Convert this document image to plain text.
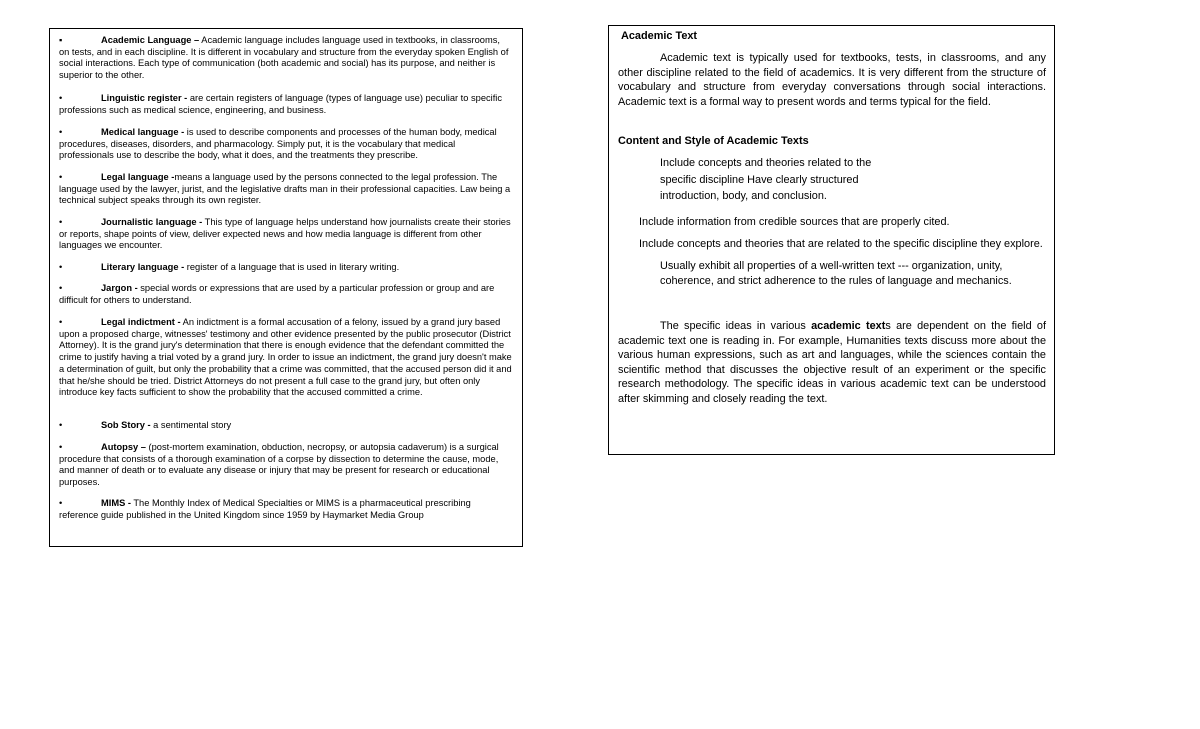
▪	Academic Language – Academic language includes language used in textbooks, in classrooms, on tests, and in each discipline. It is different in vocabulary and structure from the everyday spoken English of social interactions. Each type of communication (both academic and social) has its purpose, and neither is superior to the other.

•	Linguistic register - are certain registers of language (types of language use) peculiar to specific professions such as medical science, engineering, and business.

•	Medical language - is used to describe components and processes of the human body, medical procedures, diseases, disorders, and pharmacology. Simply put, it is the vocabulary that medical professionals use to describe the body, what it does, and the treatments they prescribe.

•	Legal language -means a language used by the persons connected to the legal profession. The language used by the lawyer, jurist, and the legislative drafts man in their professional capacities. Law being a technical subject speaks through its own register.

•	Journalistic language - This type of language helps understand how journalists create their stories or reports, shape points of view, deliver expected news and how media language is different from other languages we encounter.

•	Literary language - register of a language that is used in literary writing.

•	Jargon - special words or expressions that are used by a particular profession or group and are difficult for others to understand.

•	Legal indictment - An indictment is a formal accusation of a felony, issued by a grand jury based upon a proposed charge, witnesses' testimony and other evidence presented by the public prosecutor (District Attorney). It is the grand jury's determination that there is enough evidence that the defendant committed the crime to justify having a trial voted by a grand jury. In order to issue an indictment, the grand jury doesn't make a determination of guilt, but only the probability that a crime was committed, that the accused person did it and that he/she should be tried. District Attorneys do not present a full case to the grand jury, but often only introduce key facts sufficient to show the probability that the accused committed a crime.

•	Sob Story - a sentimental story

•	Autopsy – (post-mortem examination, obduction, necropsy, or autopsia cadaverum) is a surgical procedure that consists of a thorough examination of a corpse by dissection to determine the cause, mode, and manner of death or to evaluate any disease or injury that may be present for research or educational purposes.

•	MIMS - The Monthly Index of Medical Specialties or MIMS is a pharmaceutical prescribing reference guide published in the United Kingdom since 1959 by Haymarket Media Group

Academic Text

Academic text is typically used for textbooks, tests, in classrooms, and any other discipline related to the field of academics. It is very different from the structure of vocabulary and structure from everyday conversations through social interactions. Academic text is a formal way to present words and terms typical for the field.

Content and Style of Academic Texts

Include concepts and theories related to the

specific discipline Have clearly structured

introduction, body, and conclusion.

Include information from credible sources that are properly cited.

Include concepts and theories that are related to the specific discipline they explore.

Usually exhibit all properties of a well-written text --- organization, unity, coherence, and strict adherence to the rules of language and mechanics.

The specific ideas in various academic texts are dependent on the field of academic text one is reading in. For example, Humanities texts discuss more about the various human expressions, such as art and languages, while the sciences contain the scientific method that discusses the objective result of an experiment or the specific research methodology. The specific ideas in various academic text can be understood after skimming and closely reading the text.
